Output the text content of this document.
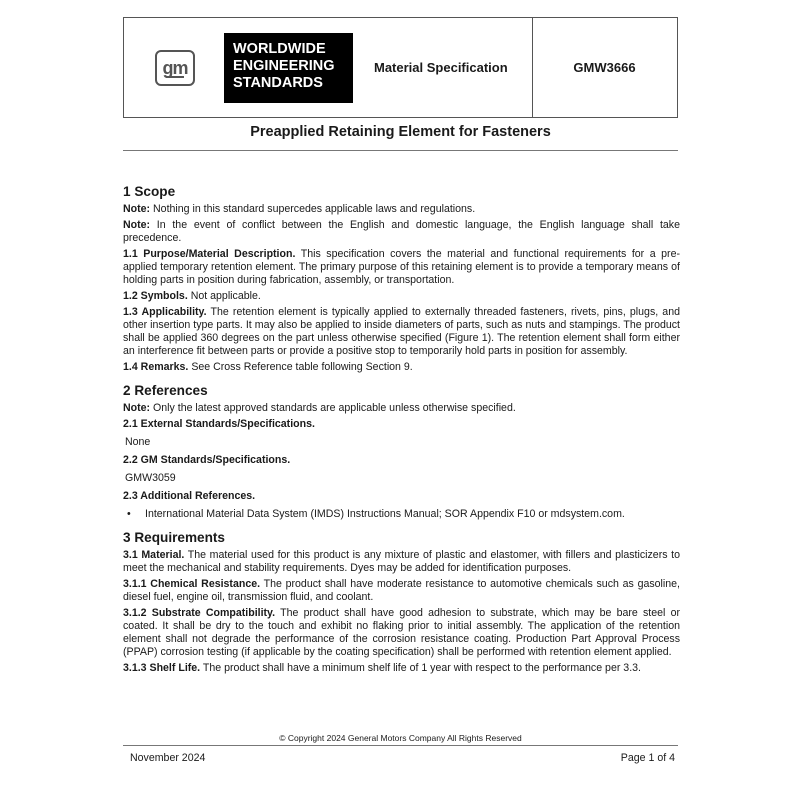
gm
WORLDWIDE
ENGINEERING
STANDARDS
Material Specification	GMW3666
Preapplied Retaining Element for Fasteners
1 Scope

Note: Nothing in this standard supercedes applicable laws and regulations.

Note: In the event of conflict between the English and domestic language, the English language shall take precedence.

1.1 Purpose/Material Description. This specification covers the material and functional requirements for a pre-applied temporary retention element. The primary purpose of this retaining element is to provide a temporary means of holding parts in position during fabrication, assembly, or transportation.

1.2 Symbols. Not applicable.

1.3 Applicability. The retention element is typically applied to externally threaded fasteners, rivets, pins, plugs, and other insertion type parts. It may also be applied to inside diameters of parts, such as nuts and stampings. The product shall be applied 360 degrees on the part unless otherwise specified (Figure 1). The retention element shall form either an interference fit between parts or provide a positive stop to temporarily hold parts in position for assembly.

1.4 Remarks. See Cross Reference table following Section 9.

2 References

Note: Only the latest approved standards are applicable unless otherwise specified.

2.1 External Standards/Specifications.

None

2.2 GM Standards/Specifications.

GMW3059

2.3 Additional References.

•	International Material Data System (IMDS) Instructions Manual; SOR Appendix F10 or mdsystem.com.
3 Requirements

3.1 Material. The material used for this product is any mixture of plastic and elastomer, with fillers and plasticizers to meet the mechanical and stability requirements. Dyes may be added for identification purposes.

3.1.1 Chemical Resistance. The product shall have moderate resistance to automotive chemicals such as gasoline, diesel fuel, engine oil, transmission fluid, and coolant.

3.1.2 Substrate Compatibility. The product shall have good adhesion to substrate, which may be bare steel or coated. It shall be dry to the touch and exhibit no flaking prior to initial assembly. The application of the retention element shall not degrade the performance of the corrosion resistance coating. Production Part Approval Process (PPAP) corrosion testing (if applicable by the coating specification) shall be performed with retention element applied.

3.1.3 Shelf Life. The product shall have a minimum shelf life of 1 year with respect to the performance per 3.3.

© Copyright 2024 General Motors Company All Rights Reserved
November 2024	Page 1 of 4
